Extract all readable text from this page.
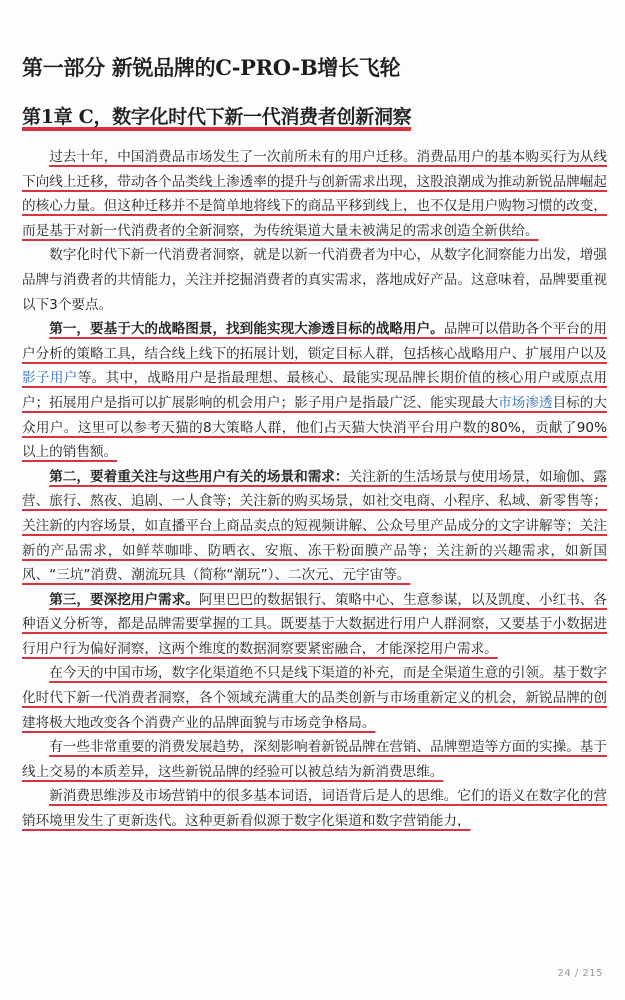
第一部分 新锐品牌的C-PRO-B增长飞轮
第1章 C，数字化时代下新一代消费者创新洞察

过去十年，中国消费品市场发生了一次前所未有的用户迁移。消费品用户的基本购买行为从线下向线上迁移，带动各个品类线上渗透率的提升与创新需求出现，这股浪潮成为推动新锐品牌崛起的核心力量。但这种迁移并不是简单地将线下的商品平移到线上，也不仅是用户购物习惯的改变，而是基于对新一代消费者的全新洞察，为传统渠道大量未被满足的需求创造全新供给。

数字化时代下新一代消费者洞察，就是以新一代消费者为中心，从数字化洞察能力出发，增强品牌与消费者的共情能力，关注并挖掘消费者的真实需求，落地成好产品。这意味着，品牌要重视以下3个要点。

第一，要基于大的战略图景，找到能实现大渗透目标的战略用户。品牌可以借助各个平台的用户分析的策略工具，结合线上线下的拓展计划，锁定目标人群，包括核心战略用户、扩展用户以及影子用户等。其中，战略用户是指最理想、最核心、最能实现品牌长期价值的核心用户或原点用户；拓展用户是指可以扩展影响的机会用户；影子用户是指最广泛、能实现最大市场渗透目标的大众用户。这里可以参考天猫的8大策略人群，他们占天猫大快消平台用户数的80%，贡献了90%以上的销售额。

第二，要着重关注与这些用户有关的场景和需求：关注新的生活场景与使用场景，如瑜伽、露营、旅行、熬夜、追剧、一人食等；关注新的购买场景，如社交电商、小程序、私域、新零售等；关注新的内容场景，如直播平台上商品卖点的短视频讲解、公众号里产品成分的文字讲解等；关注新的产品需求，如鲜萃咖啡、防晒衣、安瓶、冻干粉面膜产品等；关注新的兴趣需求，如新国风、“三坑”消费、潮流玩具（简称“潮玩”）、二次元、元宇宙等。

第三，要深挖用户需求。阿里巴巴的数据银行、策略中心、生意参谋，以及凯度、小红书、各种语义分析等，都是品牌需要掌握的工具。既要基于大数据进行用户人群洞察，又要基于小数据进行用户行为偏好洞察，这两个维度的数据洞察要紧密融合，才能深挖用户需求。

在今天的中国市场，数字化渠道绝不只是线下渠道的补充，而是全渠道生意的引领。基于数字化时代下新一代消费者洞察，各个领域充满重大的品类创新与市场重新定义的机会，新锐品牌的创建将极大地改变各个消费产业的品牌面貌与市场竞争格局。

有一些非常重要的消费发展趋势，深刻影响着新锐品牌在营销、品牌塑造等方面的实操。基于线上交易的本质差异，这些新锐品牌的经验可以被总结为新消费思维。

新消费思维涉及市场营销中的很多基本词语，词语背后是人的思维。它们的语义在数字化的营销环境里发生了更新迭代。这种更新看似源于数字化渠道和数字营销能力，

24 / 215
